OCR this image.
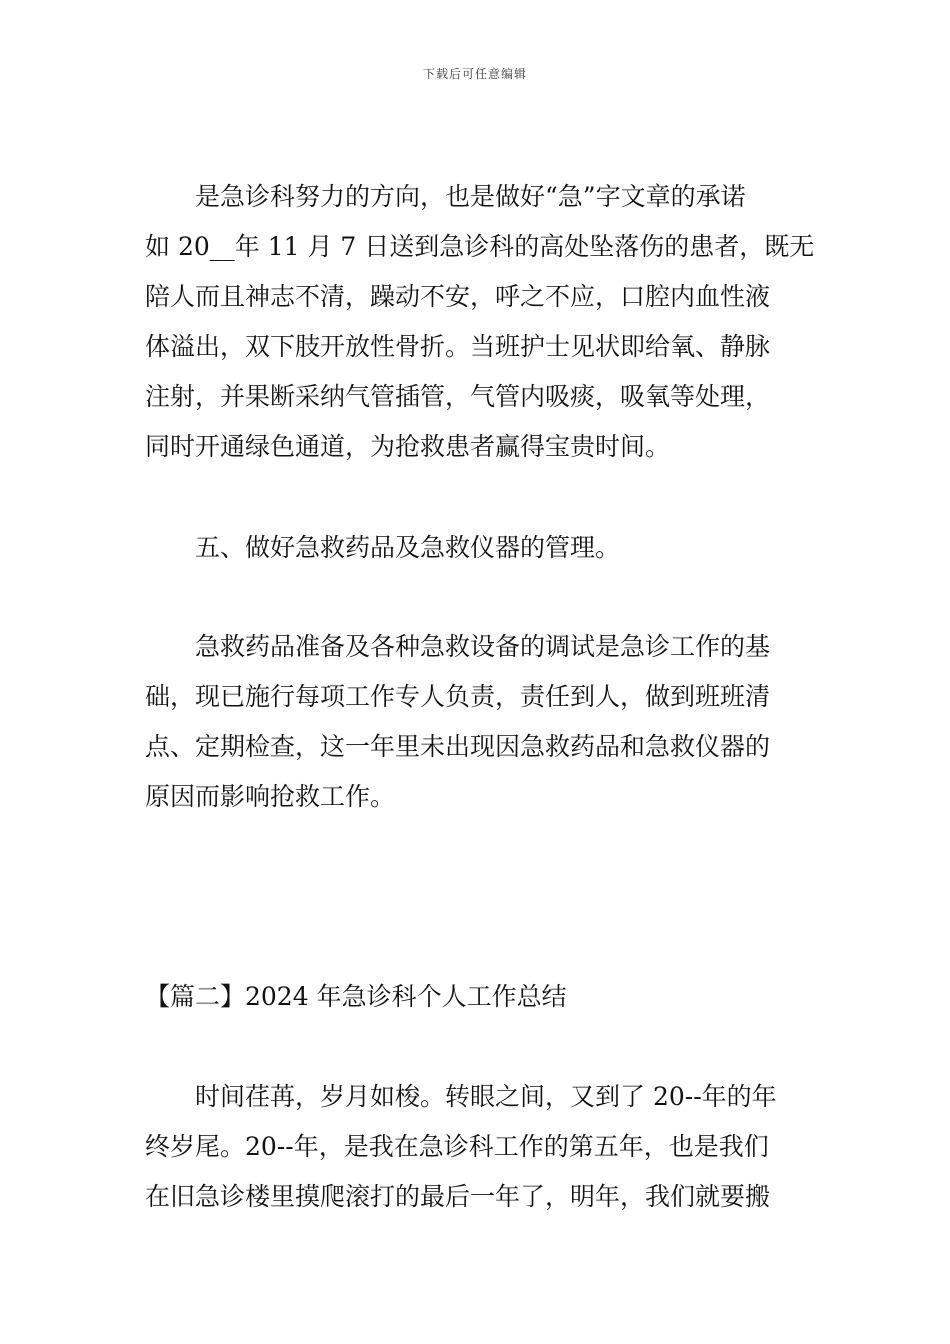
下载后可任意编辑
是急诊科努力的方向，也是做好“急”字文章的承诺
如 20__年 11 月 7 日送到急诊科的高处坠落伤的患者，既无
陪人而且神志不清，躁动不安，呼之不应，口腔内血性液
体溢出，双下肢开放性骨折。当班护士见状即给氧、静脉
注射，并果断采纳气管插管，气管内吸痰，吸氧等处理，
同时开通绿色通道，为抢救患者赢得宝贵时间。
五、做好急救药品及急救仪器的管理。
急救药品准备及各种急救设备的调试是急诊工作的基
础，现已施行每项工作专人负责，责任到人，做到班班清
点、定期检查，这一年里未出现因急救药品和急救仪器的
原因而影响抢救工作。
【篇二】2024 年急诊科个人工作总结
时间荏苒，岁月如梭。转眼之间，又到了 20--年的年
终岁尾。20--年，是我在急诊科工作的第五年，也是我们
在旧急诊楼里摸爬滚打的最后一年了，明年，我们就要搬
